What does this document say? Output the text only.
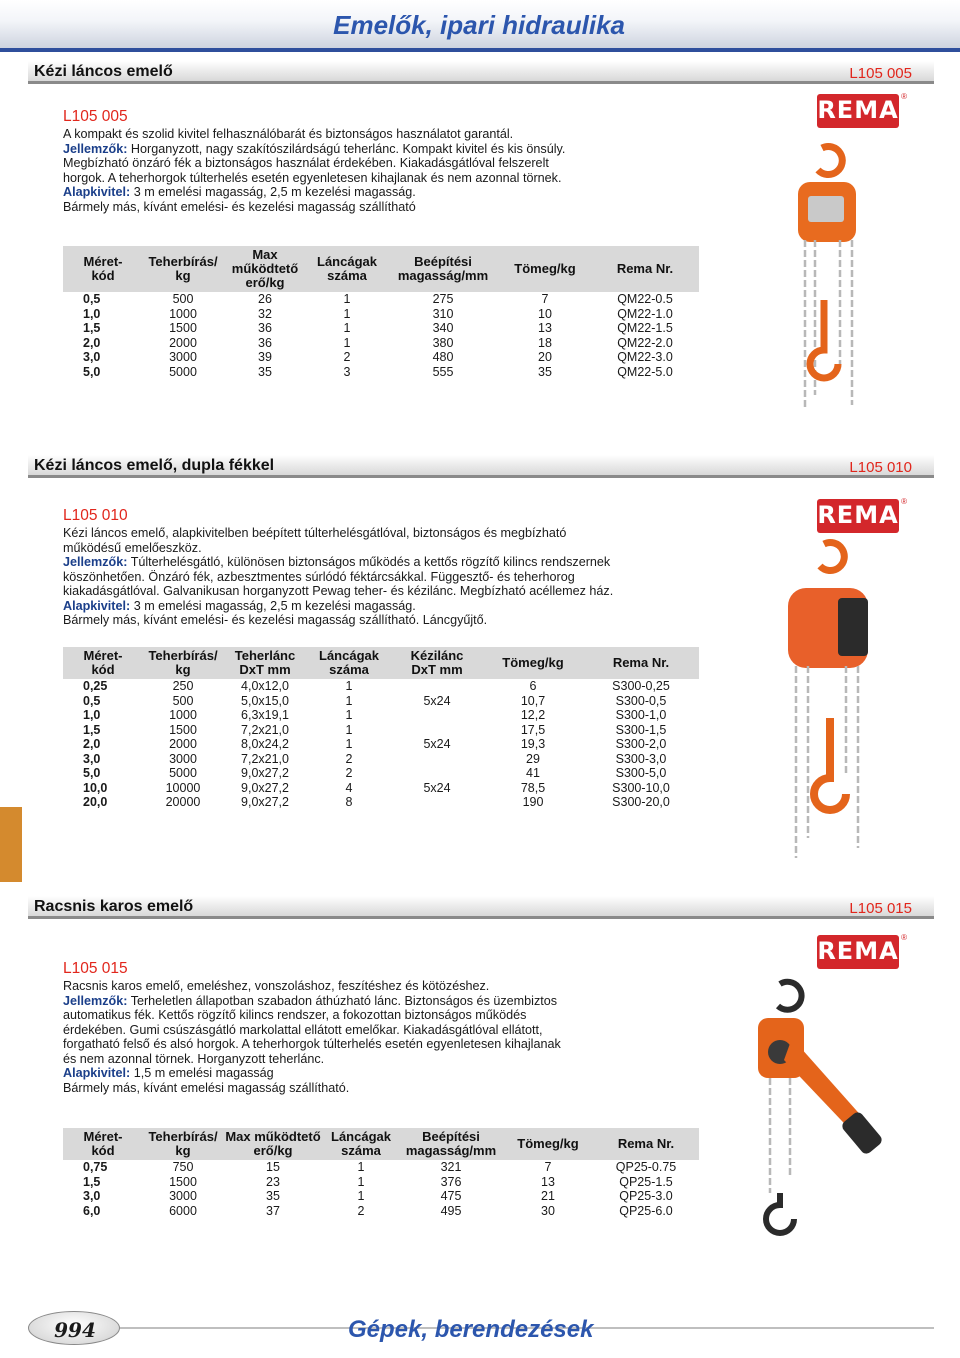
Emelők, ipari hidraulika
Kézi láncos emelő	L105 005
L105 005
A kompakt és szolid kivitel felhasználóbarát és biztonságos használatot garantál.
Jellemzők: Horganyzott, nagy szakítószilárdságú teherlánc. Kompakt kivitel és kis önsúly.
Megbízható önzáró fék a biztonságos használat érdekében. Kiakadásgátlóval felszerelt
horgok. A teherhorgok túlterhelés esetén egyenletesen kihajlanak és nem azonnal törnek.
Alapkivitel: 3 m emelési magasság, 2,5 m kezelési magasság.
Bármely más, kívánt emelési- és kezelési magasság szállítható
Méret-
kód	Teherbírás/
kg	Max
működtető
erő/kg	Láncágak
száma	Beépítési
magasság/mm	Tömeg/kg	Rema Nr.
0,5	500	26	1	275	7	QM22-0.5
1,0	1000	32	1	310	10	QM22-1.0
1,5	1500	36	1	340	13	QM22-1.5
2,0	2000	36	1	380	18	QM22-2.0
3,0	3000	39	2	480	20	QM22-3.0
5,0	5000	35	3	555	35	QM22-5.0
REMA ®
Kézi láncos emelő, dupla fékkel	L105 010
L105 010
Kézi láncos emelő, alapkivitelben beépített túlterhelésgátlóval, biztonságos és megbízható
működésű emelőeszköz.
Jellemzők: Túlterhelésgátló, különösen biztonságos működés a kettős rögzítő kilincs rendszernek
köszönhetően. Önzáró fék, azbesztmentes súrlódó féktárcsákkal. Függesztő- és teherhorog
kiakadásgátlóval. Galvanikusan horganyzott Pewag teher- és kézilánc. Megbízható acéllemez ház.
Alapkivitel: 3 m emelési magasság, 2,5 m kezelési magasság.
Bármely más, kívánt emelési- és kezelési magasság szállítható. Láncgyűjtő.
Méret-
kód	Teherbírás/
kg	Teherlánc
DxT mm	Láncágak
száma	Kézilánc
DxT mm	Tömeg/kg	Rema Nr.
0,25	250	4,0x12,0	1		6	S300-0,25
0,5	500	5,0x15,0	1	5x24	10,7	S300-0,5
1,0	1000	6,3x19,1	1		12,2	S300-1,0
1,5	1500	7,2x21,0	1		17,5	S300-1,5
2,0	2000	8,0x24,2	1	5x24	19,3	S300-2,0
3,0	3000	7,2x21,0	2		29	S300-3,0
5,0	5000	9,0x27,2	2		41	S300-5,0
10,0	10000	9,0x27,2	4	5x24	78,5	S300-10,0
20,0	20000	9,0x27,2	8		190	S300-20,0
REMA ®
Racsnis karos emelő	L105 015
L105 015
Racsnis karos emelő, emeléshez, vonszoláshoz, feszítéshez és kötözéshez.
Jellemzők: Terheletlen állapotban szabadon áthúzható lánc. Biztonságos és üzembiztos
automatikus fék. Kettős rögzítő kilincs rendszer, a fokozottan biztonságos működés
érdekében. Gumi csúszásgátló markolattal ellátott emelőkar. Kiakadásgátlóval ellátott,
forgatható felső és alsó horgok. A teherhorgok túlterhelés esetén egyenletesen kihajlanak
és nem azonnal törnek. Horganyzott teherlánc.
Alapkivitel: 1,5 m emelési magasság
Bármely más, kívánt emelési magasság szállítható.
Méret-
kód	Teherbírás/
kg	Max működtető
erő/kg	Láncágak
száma	Beépítési
magasság/mm	Tömeg/kg	Rema Nr.
0,75	750	15	1	321	7	QP25-0.75
1,5	1500	23	1	376	13	QP25-1.5
3,0	3000	35	1	475	21	QP25-3.0
6,0	6000	37	2	495	30	QP25-6.0
REMA ®
994	Gépek, berendezések
